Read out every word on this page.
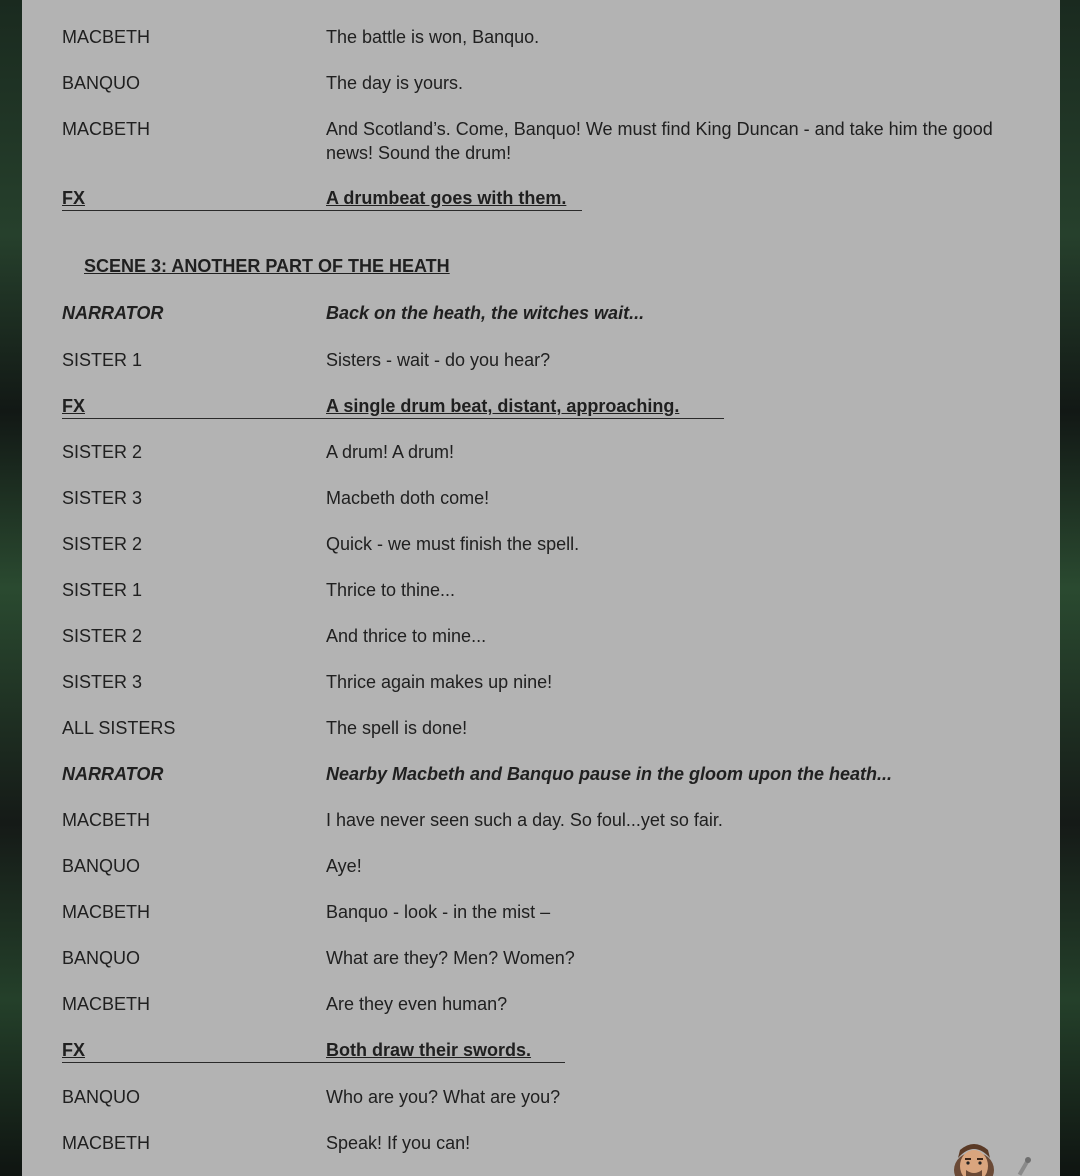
SCENE 3: ANOTHER PART OF THE HEATH
MACBETH	The battle is won, Banquo.
BANQUO	The day is yours.
MACBETH	And Scotland’s. Come, Banquo! We must find King Duncan - and take him the good news! Sound the drum!
FX	A drumbeat goes with them.
NARRATOR	Back on the heath, the witches wait...
SISTER 1	Sisters - wait - do you hear?
FX	A single drum beat, distant, approaching.
SISTER 2	A drum! A drum!
SISTER 3	Macbeth doth come!
SISTER 2	Quick - we must finish the spell.
SISTER 1	Thrice to thine...
SISTER 2	And thrice to mine...
SISTER 3	Thrice again makes up nine!
ALL SISTERS	The spell is done!
NARRATOR	Nearby Macbeth and Banquo pause in the gloom upon the heath...
MACBETH	I have never seen such a day. So foul...yet so fair.
BANQUO	Aye!
MACBETH	Banquo - look - in the mist –
BANQUO	What are they? Men? Women?
MACBETH	Are they even human?
FX	Both draw their swords.
BANQUO	Who are you? What are you?
MACBETH	Speak! If you can!
